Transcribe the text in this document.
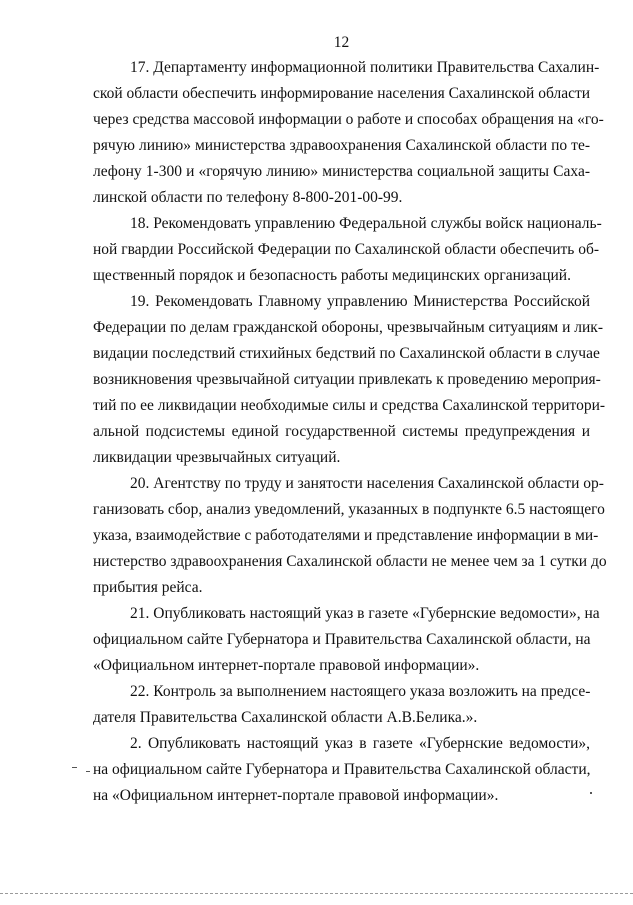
12
17. Департаменту информационной политики Правительства Сахалин-
ской области обеспечить информирование населения Сахалинской области
через средства массовой информации о работе и способах обращения на «го-
рячую линию» министерства здравоохранения Сахалинской области по те-
лефону 1-300 и «горячую линию» министерства социальной защиты Саха-
линской области по телефону 8-800-201-00-99.
18. Рекомендовать управлению Федеральной службы войск националь-
ной гвардии Российской Федерации по Сахалинской области обеспечить об-
щественный порядок и безопасность работы медицинских организаций.
19. Рекомендовать Главному управлению Министерства Российской
Федерации по делам гражданской обороны, чрезвычайным ситуациям и лик-
видации последствий стихийных бедствий по Сахалинской области в случае
возникновения чрезвычайной ситуации привлекать к проведению мероприя-
тий по ее ликвидации необходимые силы и средства Сахалинской территори-
альной подсистемы единой государственной системы предупреждения и
ликвидации чрезвычайных ситуаций.
20. Агентству по труду и занятости населения Сахалинской области ор-
ганизовать сбор, анализ уведомлений, указанных в подпункте 6.5 настоящего
указа, взаимодействие с работодателями и представление информации в ми-
нистерство здравоохранения Сахалинской области не менее чем за 1 сутки до
прибытия рейса.
21. Опубликовать настоящий указ в газете «Губернские ведомости», на
официальном сайте Губернатора и Правительства Сахалинской области, на
«Официальном интернет-портале правовой информации».
22. Контроль за выполнением настоящего указа возложить на предсе-
дателя Правительства Сахалинской области А.В.Белика.».
2. Опубликовать настоящий указ в газете «Губернские ведомости»,
на официальном сайте Губернатора и Правительства Сахалинской области,
на «Официальном интернет-портале правовой информации».
